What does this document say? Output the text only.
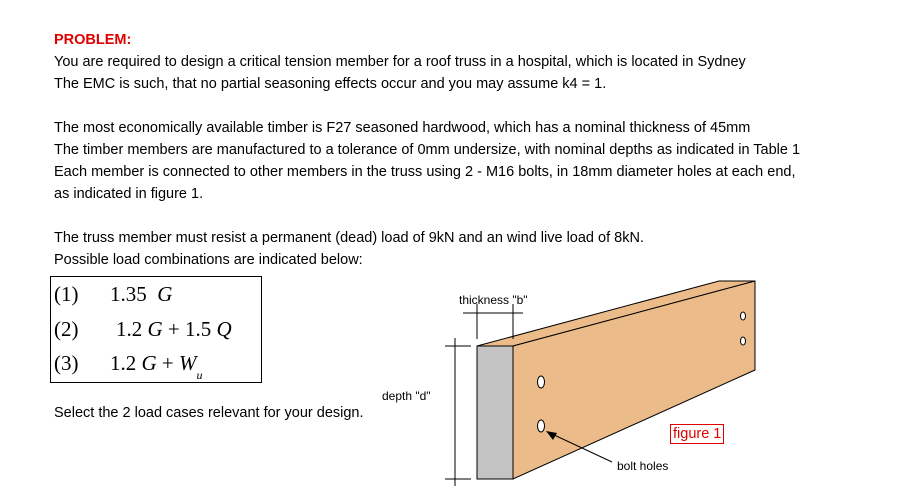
PROBLEM:
You are required to design a critical tension member for a roof truss in a hospital, which is located in Sydney
The EMC is such, that no partial seasoning effects occur and you may assume k4 = 1.
The most economically available timber is F27 seasoned hardwood, which has a nominal thickness of 45mm
The timber members are manufactured to a tolerance of 0mm undersize, with nominal depths as indicated in Table 1
Each member is connected to other members in the truss using 2 - M16 bolts, in 18mm diameter holes at each end,
as indicated in figure 1.
The truss member must resist a permanent (dead) load of 9kN and an wind live load of 8kN.
Possible load combinations are indicated below:
(1) 1.35 G
(2) 1.2 G + 1.5 Q
(3) 1.2 $G + W_u$
Select the 2 load cases relevant for your design.
thickness "b"
depth "d"
bolt holes
figure 1
